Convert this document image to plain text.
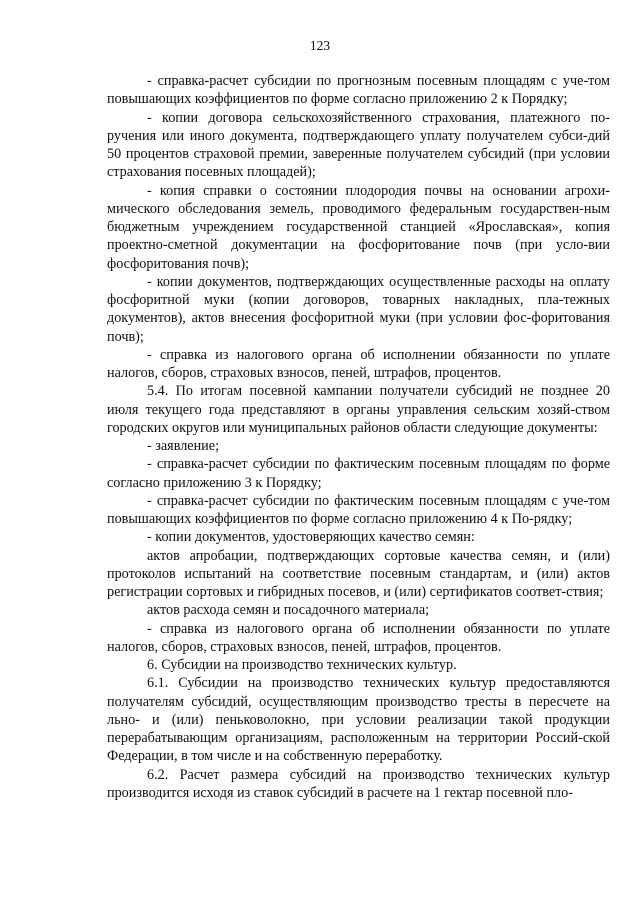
123

- справка-расчет субсидии по прогнозным посевным площадям с уче-том повышающих коэффициентов по форме согласно приложению 2 к Порядку;

- копии договора сельскохозяйственного страхования, платежного по-ручения или иного документа, подтверждающего уплату получателем субси-дий 50 процентов страховой премии, заверенные получателем субсидий (при условии страхования посевных площадей);

- копия справки о состоянии плодородия почвы на основании агрохи-мического обследования земель, проводимого федеральным государствен-ным бюджетным учреждением государственной станцией «Ярославская», копия проектно-сметной документации на фосфоритование почв (при усло-вии фосфоритования почв);

- копии документов, подтверждающих осуществленные расходы на оплату фосфоритной муки (копии договоров, товарных накладных, пла-тежных документов), актов внесения фосфоритной муки (при условии фос-форитования почв);

- справка из налогового органа об исполнении обязанности по уплате налогов, сборов, страховых взносов, пеней, штрафов, процентов.

5.4. По итогам посевной кампании получатели субсидий не позднее 20 июля текущего года представляют в органы управления сельским хозяй-ством городских округов или муниципальных районов области следующие документы:

- заявление;

- справка-расчет субсидии по фактическим посевным площадям по форме согласно приложению 3 к Порядку;

- справка-расчет субсидии по фактическим посевным площадям с уче-том повышающих коэффициентов по форме согласно приложению 4 к По-рядку;

- копии документов, удостоверяющих качество семян:

актов апробации, подтверждающих сортовые качества семян, и (или) протоколов испытаний на соответствие посевным стандартам, и (или) актов регистрации сортовых и гибридных посевов, и (или) сертификатов соответ-ствия;

актов расхода семян и посадочного материала;

- справка из налогового органа об исполнении обязанности по уплате налогов, сборов, страховых взносов, пеней, штрафов, процентов.

6. Субсидии на производство технических культур.

6.1. Субсидии на производство технических культур предоставляются получателям субсидий, осуществляющим производство тресты в пересчете на льно- и (или) пеньковолокно, при условии реализации такой продукции перерабатывающим организациям, расположенным на территории Россий-ской Федерации, в том числе и на собственную переработку.

6.2. Расчет размера субсидий на производство технических культур производится исходя из ставок субсидий в расчете на 1 гектар посевной пло-
